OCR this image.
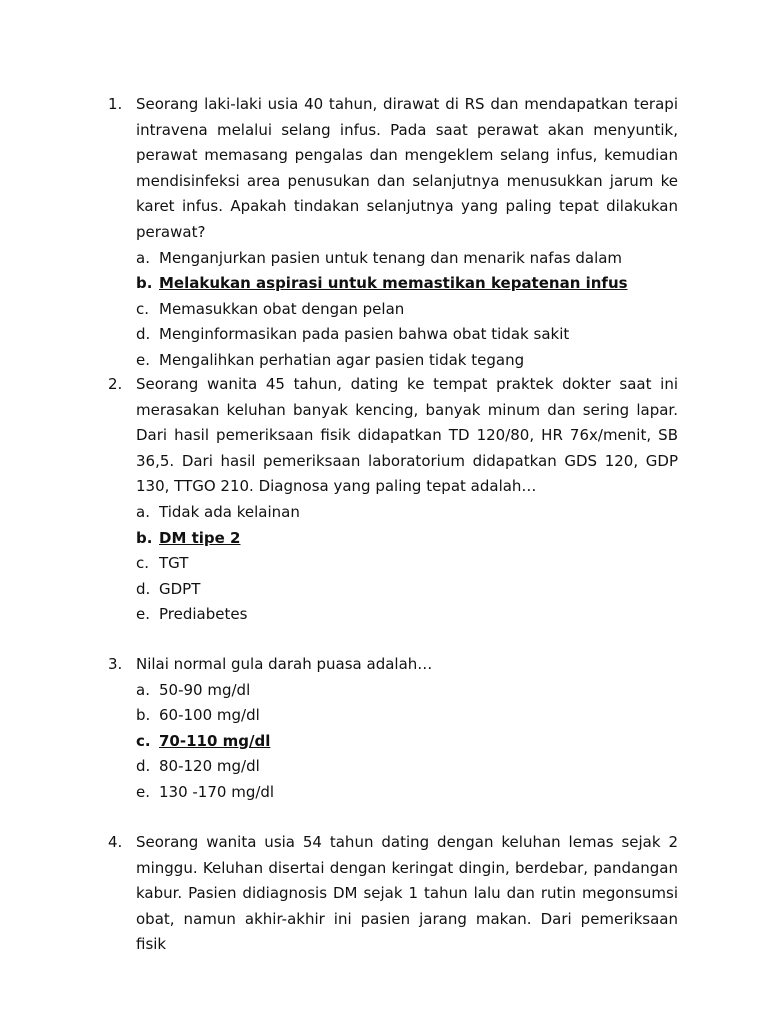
1. Seorang laki-laki usia 40 tahun, dirawat di RS dan mendapatkan terapi intravena melalui selang infus. Pada saat perawat akan menyuntik, perawat memasang pengalas dan mengeklem selang infus, kemudian mendisinfeksi area penusukan dan selanjutnya menusukkan jarum ke karet infus. Apakah tindakan selanjutnya yang paling tepat dilakukan perawat?

a. Menganjurkan pasien untuk tenang dan menarik nafas dalam
b. Melakukan aspirasi untuk memastikan kepatenan infus
c. Memasukkan obat dengan pelan
d. Menginformasikan pada pasien bahwa obat tidak sakit
e. Mengalihkan perhatian agar pasien tidak tegang
2. Seorang wanita 45 tahun, dating ke tempat praktek dokter saat ini merasakan keluhan banyak kencing, banyak minum dan sering lapar. Dari hasil pemeriksaan fisik didapatkan TD 120/80, HR 76x/menit, SB 36,5. Dari hasil pemeriksaan laboratorium didapatkan GDS 120, GDP 130, TTGO 210. Diagnosa yang paling tepat adalah…

a. Tidak ada kelainan
b. DM tipe 2
c. TGT
d. GDPT
e. Prediabetes
3. Nilai normal gula darah puasa adalah…

a. 50-90 mg/dl
b. 60-100 mg/dl
c. 70-110 mg/dl
d. 80-120 mg/dl
e. 130 -170 mg/dl
4. Seorang wanita usia 54 tahun dating dengan keluhan lemas sejak 2 minggu. Keluhan disertai dengan keringat dingin, berdebar, pandangan kabur. Pasien didiagnosis DM sejak 1 tahun lalu dan rutin megonsumsi obat, namun akhir-akhir ini pasien jarang makan. Dari pemeriksaan fisik
